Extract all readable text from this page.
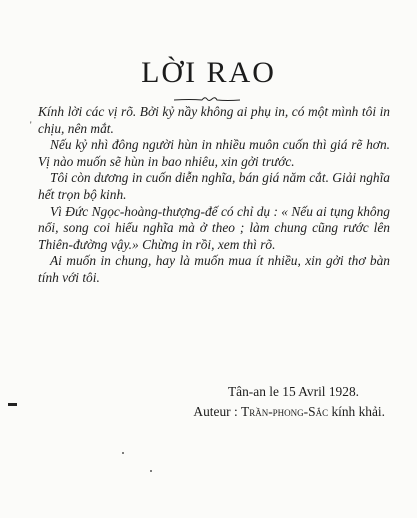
LỜI RAO
'

Kính lời các vị rõ. Bởi kỷ nầy không ai phụ in, có một mình tôi in chịu, nên mắt.

Nếu kỷ nhì đông người hùn in nhiều muôn cuốn thì giá rẽ hơn. Vị nào muốn sẽ hùn in bao nhiêu, xin gởi trước.

Tôi còn dương in cuốn diễn nghĩa, bán giá năm cắt. Giải nghĩa hết trọn bộ kinh.

Vì Đức Ngọc-hoàng-thượng-đế có chỉ dụ : « Nếu ai tụng không nổi, song coi hiểu nghĩa mà ở theo ; làm chung cũng rước lên Thiên-đường vậy.» Chừng in rồi, xem thì rõ.

Ai muốn in chung, hay là muốn mua ít nhiều, xin gởi thơ bàn tính với tôi.

Tân-an le 15 Avril 1928.
Auteur : Trần-phong-Sắc kính khải.
